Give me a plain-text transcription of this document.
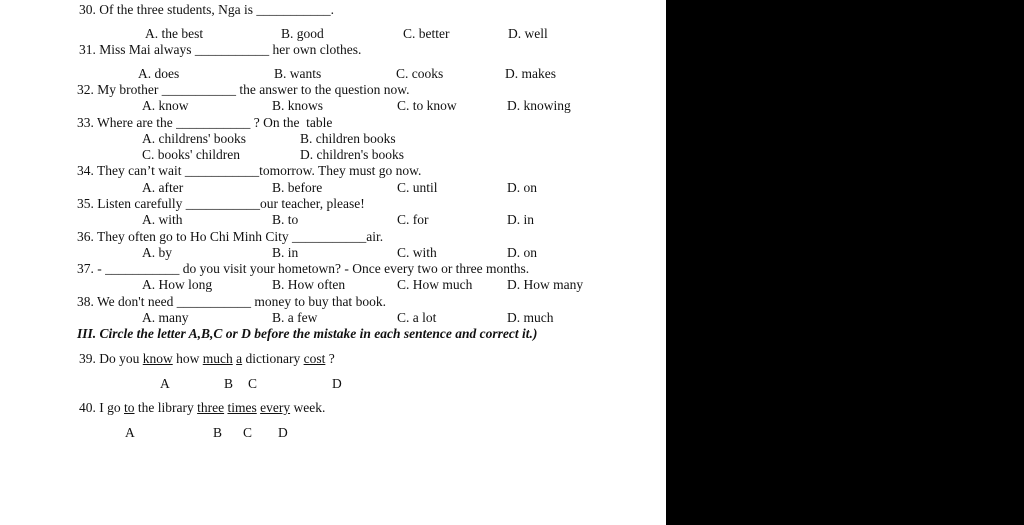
30. Of the three students, Nga is ___________.
A. the best	B. good	C. better	D. well
31. Miss Mai always ___________ her own clothes.
A. does	B. wants	C. cooks	D. makes
32. My brother ___________ the answer to the question now.
A. know	B. knows	C. to know	D. knowing
33. Where are the ___________ ? On the  table
A. childrens' books	B. children books
C. books' children	D. children's books
34. They can’t wait ___________tomorrow. They must go now.
A. after	B. before	C. until	D. on
35. Listen carefully ___________our teacher, please!
A. with	B. to	C. for	D. in
36. They often go to Ho Chi Minh City ___________air.
A. by	B. in	C. with	D. on
37. - ___________ do you visit your hometown? - Once every two or three months.
A. How long	B. How often	C. How much	D. How many
38. We don't need ___________ money to buy that book.
A. many	B. a few	C. a lot	D. much
III. Circle the letter A,B,C or D before the mistake in each sentence and correct it.)
39. Do you know how much a dictionary cost ?
A	B C	D
40. I go to the library three times every week.
A	B C D
